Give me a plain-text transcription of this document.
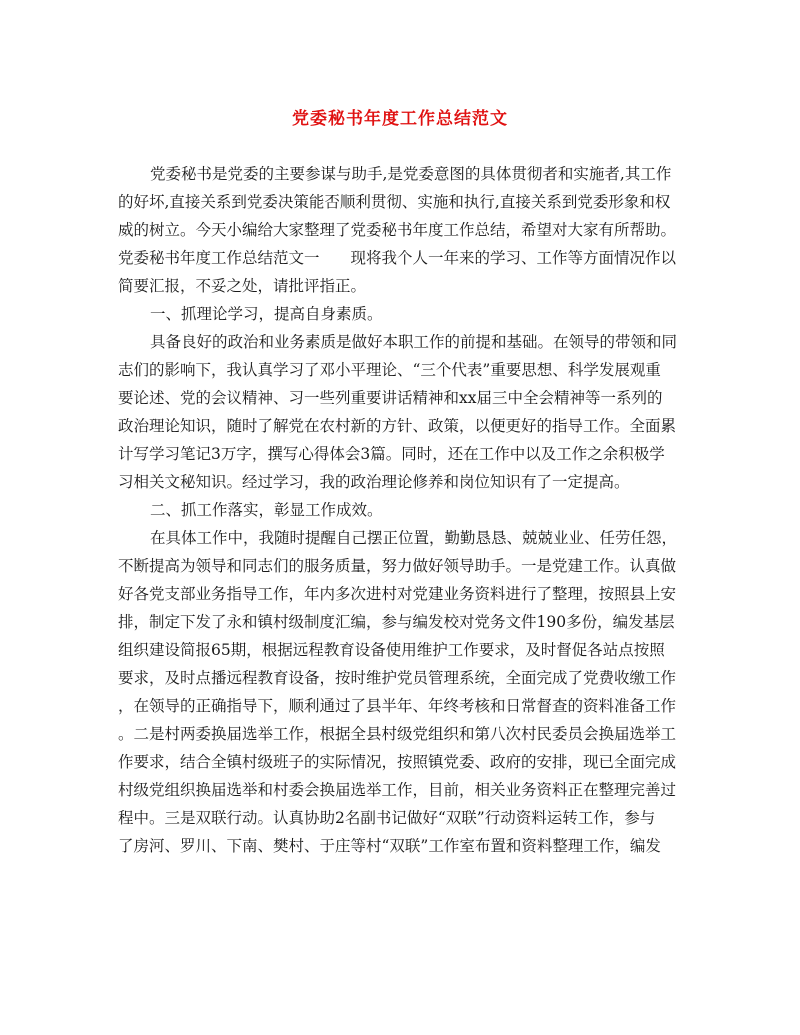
党委秘书年度工作总结范文
党委秘书是党委的主要参谋与助手,是党委意图的具体贯彻者和实施者,其工作
的好坏,直接关系到党委决策能否顺利贯彻、实施和执行,直接关系到党委形象和权
威的树立。今天小编给大家整理了党委秘书年度工作总结，希望对大家有所帮助。
党委秘书年度工作总结范文一　　现将我个人一年来的学习、工作等方面情况作以
简要汇报，不妥之处，请批评指正。
一、抓理论学习，提高自身素质。
具备良好的政治和业务素质是做好本职工作的前提和基础。在领导的带领和同
志们的影响下，我认真学习了邓小平理论、“三个代表”重要思想、科学发展观重
要论述、党的会议精神、习一些列重要讲话精神和xx届三中全会精神等一系列的
政治理论知识，随时了解党在农村新的方针、政策，以便更好的指导工作。全面累
计写学习笔记3万字，撰写心得体会3篇。同时，还在工作中以及工作之余积极学
习相关文秘知识。经过学习，我的政治理论修养和岗位知识有了一定提高。
二、抓工作落实，彰显工作成效。
在具体工作中，我随时提醒自己摆正位置，勤勤恳恳、兢兢业业、任劳任怨，
不断提高为领导和同志们的服务质量，努力做好领导助手。一是党建工作。认真做
好各党支部业务指导工作，年内多次进村对党建业务资料进行了整理，按照县上安
排，制定下发了永和镇村级制度汇编，参与编发校对党务文件190多份，编发基层
组织建设简报65期，根据远程教育设备使用维护工作要求，及时督促各站点按照
要求，及时点播远程教育设备，按时维护党员管理系统，全面完成了党费收缴工作
，在领导的正确指导下，顺利通过了县半年、年终考核和日常督查的资料准备工作
。二是村两委换届选举工作，根据全县村级党组织和第八次村民委员会换届选举工
作要求，结合全镇村级班子的实际情况，按照镇党委、政府的安排，现已全面完成
村级党组织换届选举和村委会换届选举工作，目前，相关业务资料正在整理完善过
程中。三是双联行动。认真协助2名副书记做好“双联”行动资料运转工作，参与
了房河、罗川、下南、樊村、于庄等村“双联”工作室布置和资料整理工作，编发
